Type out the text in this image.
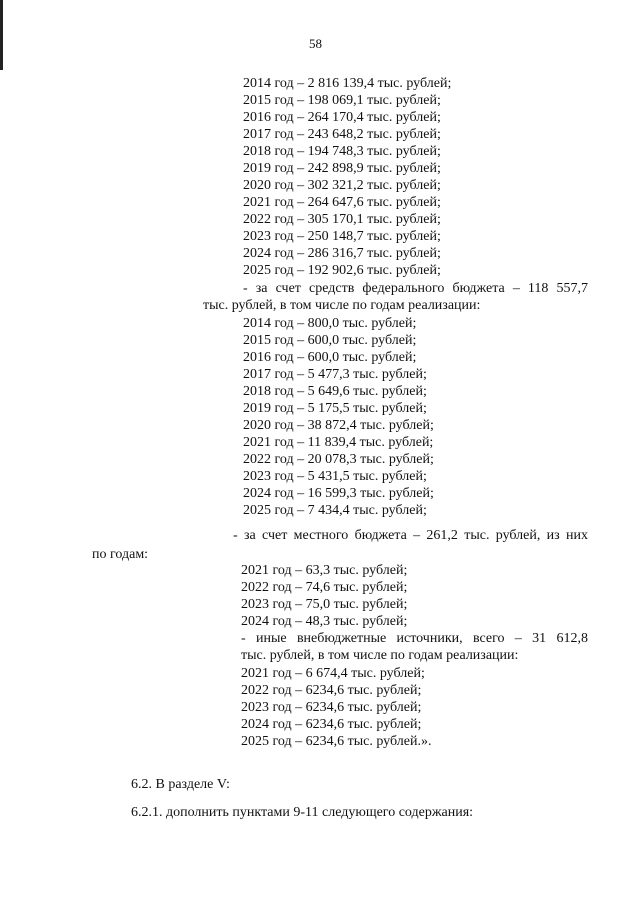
58
2014 год – 2 816 139,4 тыс. рублей;
2015 год – 198 069,1 тыс. рублей;
2016 год – 264 170,4 тыс. рублей;
2017 год – 243 648,2 тыс. рублей;
2018 год – 194 748,3 тыс. рублей;
2019 год – 242 898,9 тыс. рублей;
2020 год – 302 321,2 тыс. рублей;
2021 год – 264 647,6 тыс. рублей;
2022 год – 305 170,1 тыс. рублей;
2023 год – 250 148,7 тыс. рублей;
2024 год – 286 316,7 тыс. рублей;
2025 год – 192 902,6 тыс. рублей;
- за счет средств федерального бюджета – 118 557,7
тыс. рублей, в том числе по годам реализации:
2014 год – 800,0 тыс. рублей;
2015 год – 600,0 тыс. рублей;
2016 год – 600,0 тыс. рублей;
2017 год – 5 477,3 тыс. рублей;
2018 год – 5 649,6 тыс. рублей;
2019 год – 5 175,5 тыс. рублей;
2020 год – 38 872,4 тыс. рублей;
2021 год – 11 839,4 тыс. рублей;
2022 год – 20 078,3 тыс. рублей;
2023 год – 5 431,5 тыс. рублей;
2024 год – 16 599,3 тыс. рублей;
2025 год – 7 434,4 тыс. рублей;
- за счет местного бюджета – 261,2 тыс. рублей, из них
по годам:
2021 год – 63,3 тыс. рублей;
2022 год – 74,6 тыс. рублей;
2023 год – 75,0 тыс. рублей;
2024 год – 48,3 тыс. рублей;
- иные внебюджетные источники, всего – 31 612,8
тыс. рублей, в том числе по годам реализации:
2021 год – 6 674,4 тыс. рублей;
2022 год – 6234,6 тыс. рублей;
2023 год – 6234,6 тыс. рублей;
2024 год – 6234,6 тыс. рублей;
2025 год – 6234,6 тыс. рублей.».
6.2. В разделе V:
6.2.1. дополнить пунктами 9-11 следующего содержания:
